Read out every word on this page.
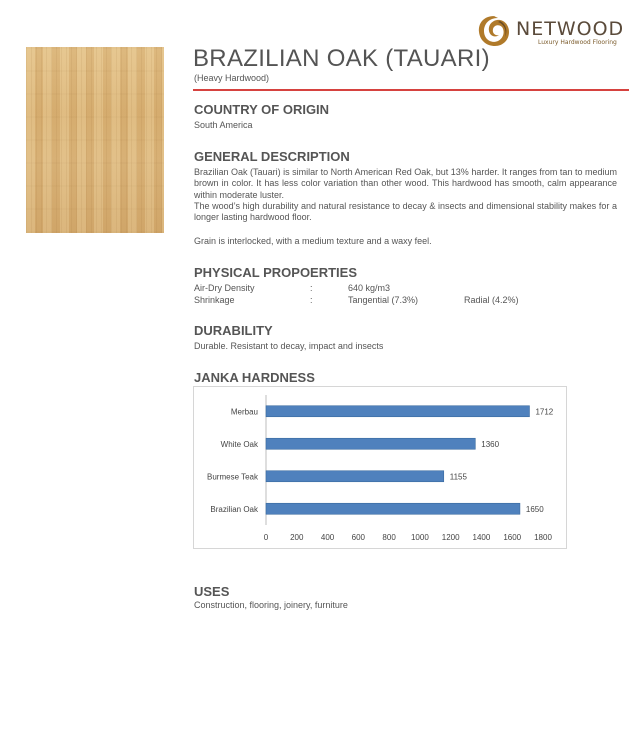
NETWOOD
Luxury Hardwood Flooring
BRAZILIAN OAK (TAUARI)
(Heavy Hardwood)
COUNTRY OF ORIGIN

South America

GENERAL DESCRIPTION

Brazilian Oak (Tauari) is similar to North American Red Oak, but 13% harder. It ranges from tan to medium brown in color. It has less color variation than other wood. This hardwood has smooth, calm appearance within moderate luster.

The wood’s high durability and natural resistance to decay & insects and dimensional stability makes for a longer lasting hardwood floor.

Grain is interlocked, with a medium texture and a waxy feel.

PHYSICAL PROPOERTIES
Air-Dry Density	:	640 kg/m3
Shrinkage	:	Tangential (7.3%)	Radial (4.2%)
DURABILITY

Durable. Resistant to decay, impact and insects

JANKA HARDNESS
Merbau	1712
White Oak	1360
Burmese Teak	1155
Brazilian Oak	1650
0	200 400 600 800 1000 1200 1400 1600 1800
USES

Construction, flooring, joinery, furniture
